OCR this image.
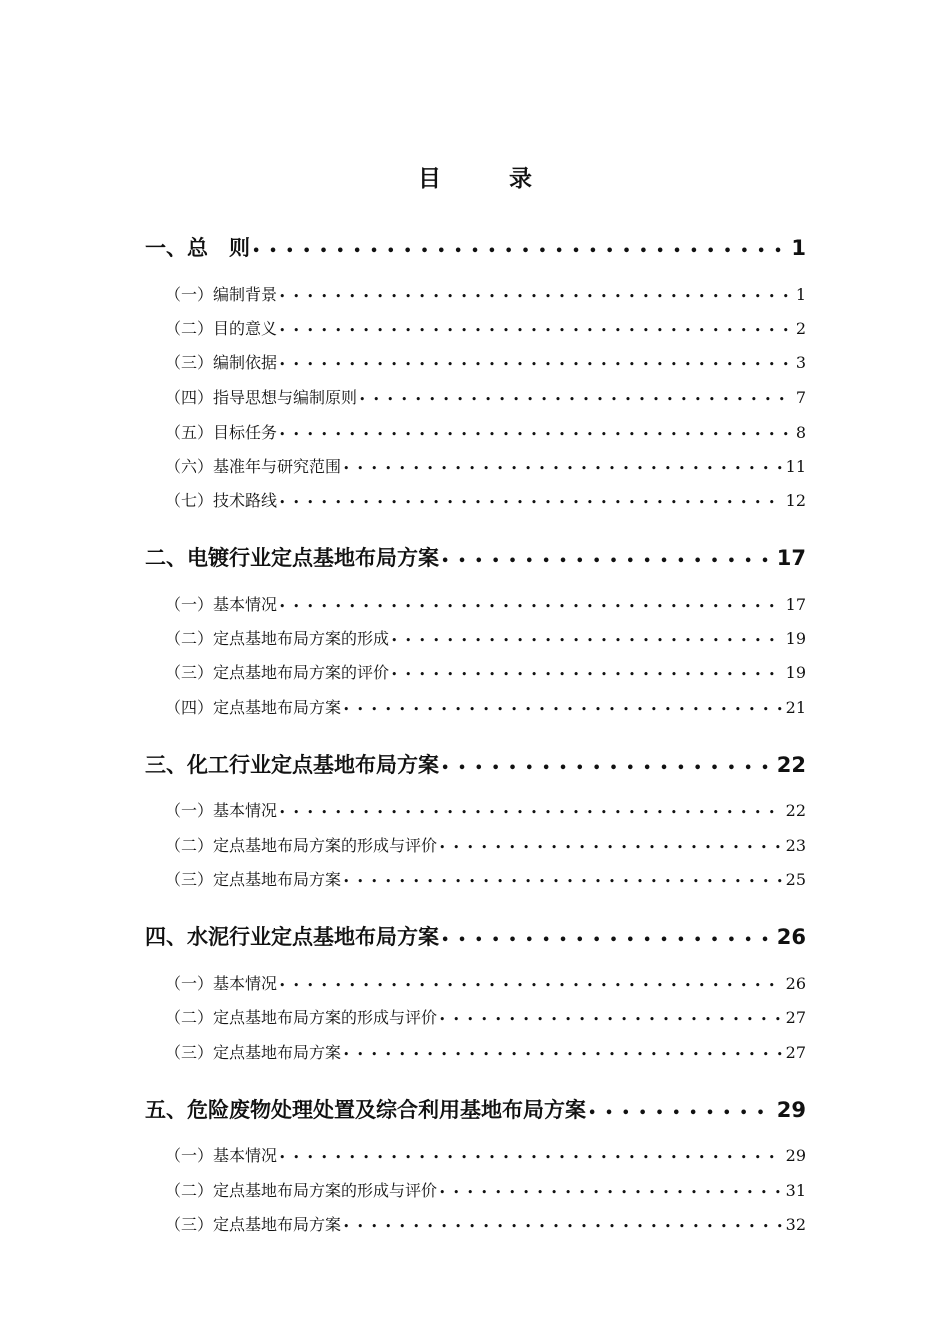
目 录
一、总　则 • • •	1
（一）编制背景 • • •	1
（二）目的意义 • • •	2
（三）编制依据 • • •	3
（四）指导思想与编制原则 • • •	7
（五）目标任务 • • •	8
（六）基准年与研究范围 • • •	11
（七）技术路线 • • •	12
二、电镀行业定点基地布局方案 • • •	17
（一）基本情况 • • •	17
（二）定点基地布局方案的形成 • • •	19
（三）定点基地布局方案的评价 • • •	19
（四）定点基地布局方案 • • •	21
三、化工行业定点基地布局方案 • • •	22
（一）基本情况 • • •	22
（二）定点基地布局方案的形成与评价 • • •	23
（三）定点基地布局方案 • • •	25
四、水泥行业定点基地布局方案 • • •	26
（一）基本情况 • • •	26
（二）定点基地布局方案的形成与评价 • • •	27
（三）定点基地布局方案 • • •	27
五、危险废物处理处置及综合利用基地布局方案 • • •	29
（一）基本情况 • • •	29
（二）定点基地布局方案的形成与评价 • • •	31
（三）定点基地布局方案 • • •	32
